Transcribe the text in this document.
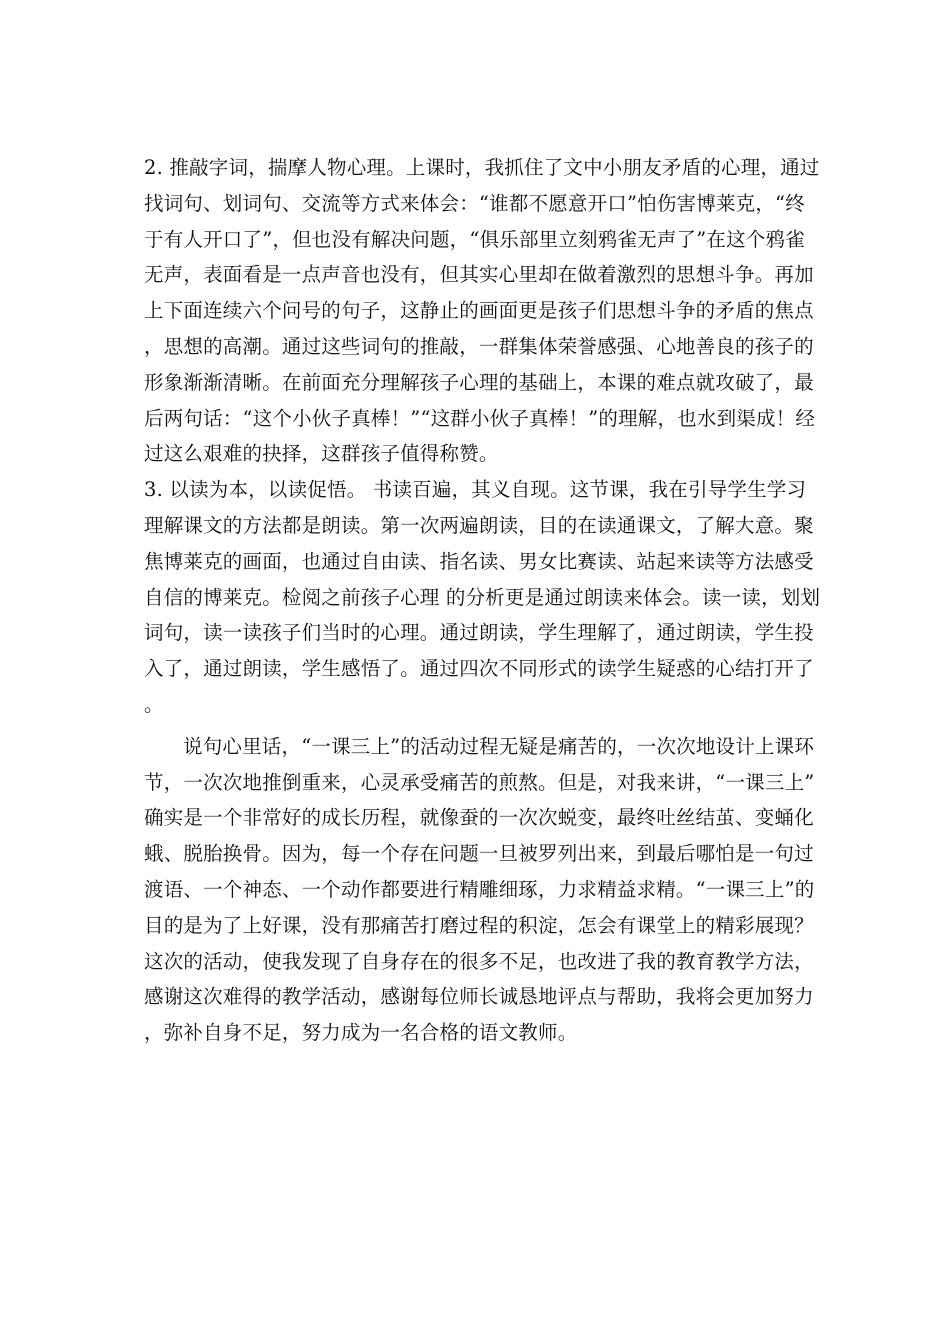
2. 推敲字词，揣摩人物心理。上课时，我抓住了文中小朋友矛盾的心理，通过找词句、划词句、交流等方式来体会：“谁都不愿意开口”怕伤害博莱克，“终于有人开口了”，但也没有解决问题，“俱乐部里立刻鸦雀无声了”在这个鸦雀无声，表面看是一点声音也没有，但其实心里却在做着激烈的思想斗争。再加上下面连续六个问号的句子，这静止的画面更是孩子们思想斗争的矛盾的焦点，思想的高潮。通过这些词句的推敲，一群集体荣誉感强、心地善良的孩子的形象渐渐清晰。在前面充分理解孩子心理的基础上，本课的难点就攻破了，最后两句话：“这个小伙子真棒！”“这群小伙子真棒！”的理解，也水到渠成！经过这么艰难的抉择，这群孩子值得称赞。

3. 以读为本，以读促悟。 书读百遍，其义自现。这节课，我在引导学生学习理解课文的方法都是朗读。第一次两遍朗读，目的在读通课文，了解大意。聚焦博莱克的画面，也通过自由读、指名读、男女比赛读、站起来读等方法感受自信的博莱克。检阅之前孩子心理 的分析更是通过朗读来体会。读一读，划划词句，读一读孩子们当时的心理。通过朗读，学生理解了，通过朗读，学生投入了，通过朗读，学生感悟了。通过四次不同形式的读学生疑惑的心结打开了。

说句心里话，“一课三上”的活动过程无疑是痛苦的，一次次地设计上课环节，一次次地推倒重来，心灵承受痛苦的煎熬。但是，对我来讲，“一课三上”确实是一个非常好的成长历程，就像蚕的一次次蜕变，最终吐丝结茧、变蛹化蛾、脱胎换骨。因为，每一个存在问题一旦被罗列出来，到最后哪怕是一句过渡语、一个神态、一个动作都要进行精雕细琢，力求精益求精。“一课三上”的目的是为了上好课，没有那痛苦打磨过程的积淀，怎会有课堂上的精彩展现？这次的活动，使我发现了自身存在的很多不足，也改进了我的教育教学方法，感谢这次难得的教学活动，感谢每位师长诚恳地评点与帮助，我将会更加努力，弥补自身不足，努力成为一名合格的语文教师。
